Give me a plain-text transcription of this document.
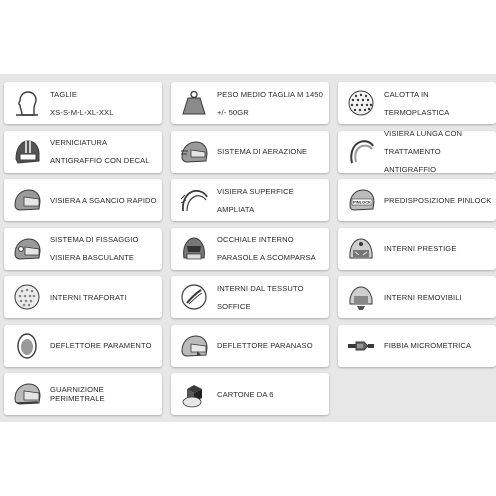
TAGLIE

XS-S-M-L-XL-XXL

PESO MEDIO TAGLIA M 1450

+/- 50GR

CALOTTA IN

TERMOPLASTICA

VERNICIATURA

ANTIGRAFFIO CON DECAL

SISTEMA DI AERAZIONE

VISIERA LUNGA CON

TRATTAMENTO

ANTIGRAFFIO

VISIERA A SGANCIO RAPIDO

VISIERA SUPERFICE

AMPLIATA

PINLOCK PREDISPOSIZIONE PINLOCK

SISTEMA DI FISSAGGIO

VISIERA BASCULANTE

OCCHIALE INTERNO

PARASOLE A SCOMPARSA

INTERNI PRESTIGE

INTERNI TRAFORATI

INTERNI DAL TESSUTO

SOFFICE

INTERNI REMOVIBILI

DEFLETTORE PARAMENTO	DEFLETTORE PARANASO	FIBBIA MICROMETRICA

GUARNIZIONE PERIMETRALE	CARTONE DA 6
